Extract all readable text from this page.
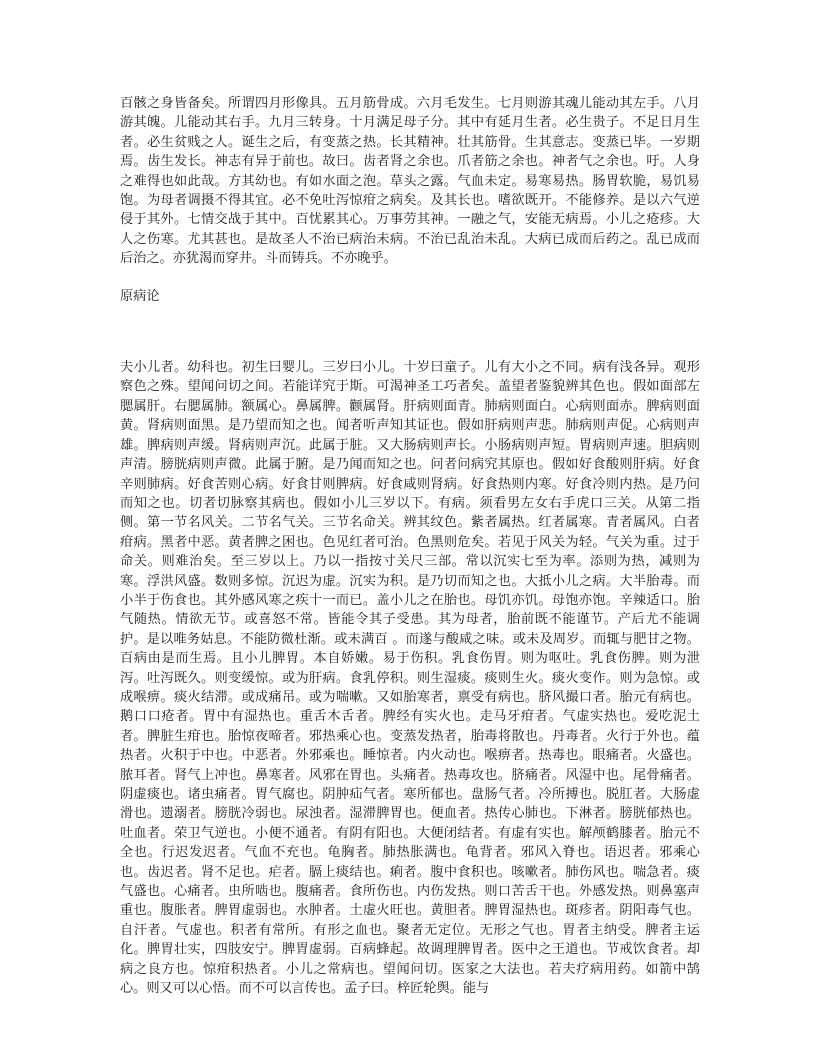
百骸之身皆备矣。所谓四月形像具。五月筋骨成。六月毛发生。七月则游其魂儿能动其左手。八月游其魄。儿能动其右手。九月三转身。十月满足母子分。其中有延月生者。必生贵子。不足日月生者。必生贫贱之人。诞生之后，有变蒸之热。长其精神。壮其筋骨。生其意志。变蒸已毕。一岁期焉。齿生发长。神志有异于前也。故曰。齿者肾之余也。爪者筋之余也。神者气之余也。吁。人身之难得也如此哉。方其幼也。有如水面之泡。草头之露。气血未定。易寒易热。肠胃软脆，易饥易饱。为母者调摄不得其宜。必不免吐泻惊疳之病矣。及其长也。嗜欲既开。不能修养。是以六气逆侵于其外。七情交战于其中。百忧累其心。万事劳其神。一融之气，安能无病焉。小儿之疮疹。大人之伤寒。尤其甚也。是故圣人不治已病治未病。不治已乱治未乱。大病已成而后药之。乱已成而后治之。亦犹渴而穿井。斗而铸兵。不亦晚乎。

原病论

夫小儿者。幼科也。初生曰婴儿。三岁曰小儿。十岁曰童子。儿有大小之不同。病有浅各异。观形察色之殊。望闻问切之间。若能详究于斯。可渴神圣工巧者矣。盖望者鉴貌辨其色也。假如面部左腮属肝。右腮属肺。额属心。鼻属脾。颧属肾。肝病则面青。肺病则面白。心病则面赤。脾病则面黄。肾病则面黑。是乃望而知之也。闻者听声知其证也。假如肝病则声悲。肺病则声促。心病则声雄。脾病则声缓。肾病则声沉。此属于脏。又大肠病则声长。小肠病则声短。胃病则声速。胆病则声清。膀胱病则声微。此属于腑。是乃闻而知之也。问者问病究其原也。假如好食酸则肝病。好食辛则肺病。好食苦则心病。好食甘则脾病。好食咸则肾病。好食热则内寒。好食冷则内热。是乃问而知之也。切者切脉察其病也。假如小儿三岁以下。有病。须看男左女右手虎口三关。从第二指侧。第一节名风关。二节名气关。三节名命关。辨其纹色。紫者属热。红者属寒。青者属风。白者疳病。黑者中恶。黄者脾之困也。色见红者可治。色黑则危矣。若见于风关为轻。气关为重。过于命关。则难治矣。至三岁以上。乃以一指按寸关尺三部。常以沉实七至为率。添则为热，减则为寒。浮洪风盛。数则多惊。沉迟为虚。沉实为积。是乃切而知之也。大抵小儿之病。大半胎毒。而小半于伤食也。其外感风寒之疾十一而已。盖小儿之在胎也。母饥亦饥。母饱亦饱。辛辣适口。胎气随热。情欲无节。或喜怒不常。皆能令其子受患。其为母者，胎前既不能谨节。产后尤不能调护。是以唯务姑息。不能防微杜渐。或未满百 。而遂与酸咸之味。或未及周岁。而辄与肥甘之物。百病由是而生焉。且小儿脾胃。本自娇嫩。易于伤积。乳食伤胃。则为呕吐。乳食伤脾。则为泄泻。吐泻既久。则变缓惊。或为肝病。食乳停积。则生湿痰。痰则生火。痰火变作。则为急惊。或成喉痹。痰火结滞。或成痛吊。或为喘嗽。又如胎寒者，禀受有病也。脐风撮口者。胎元有病也。鹅口口疮者。胃中有湿热也。重舌木舌者。脾经有实火也。走马牙疳者。气虚实热也。爱吃泥土者。脾脏生疳也。胎惊夜啼者。邪热乘心也。变蒸发热者，胎毒将散也。丹毒者。火行于外也。蕴热者。火积于中也。中恶者。外邪乘也。睡惊者。内火动也。喉痹者。热毒也。眼痛者。火盛也。脓耳者。肾气上冲也。鼻寒者。风邪在胃也。头痛者。热毒攻也。脐痛者。风湿中也。尾骨痛者。阴虚痰也。诸虫痛者。胃气腐也。阴肿疝气者。寒所郁也。盘肠气者。冷所搏也。脱肛者。大肠虚滑也。遗溺者。膀胱冷弱也。尿浊者。湿滞脾胃也。便血者。热传心肺也。下淋者。膀胱郁热也。吐血者。荣卫气逆也。小便不通者。有阴有阳也。大便闭结者。有虚有实也。解颅鹤膝者。胎元不全也。行迟发迟者。气血不充也。龟胸者。肺热胀满也。龟背者。邪风入脊也。语迟者。邪乘心也。齿迟者。肾不足也。疟者。膈上痰结也。痢者。腹中食积也。咳嗽者。肺伤风也。喘急者。痰气盛也。心痛者。虫所啮也。腹痛者。食所伤也。内伤发热。则口苦舌干也。外感发热。则鼻塞声重也。腹胀者。脾胃虚弱也。水肿者。土虚火旺也。黄胆者。脾胃湿热也。斑疹者。阴阳毒气也。自汗者。气虚也。积者有常所。有形之血也。聚者无定位。无形之气也。胃者主纳受。脾者主运化。脾胃壮实，四肢安宁。脾胃虚弱。百病蜂起。故调理脾胃者。医中之王道也。节戒饮食者。却病之良方也。惊疳积热者。小儿之常病也。望闻问切。医家之大法也。若夫疗病用药。如箭中鹄心。则又可以心悟。而不可以言传也。孟子曰。梓匠轮舆。能与
